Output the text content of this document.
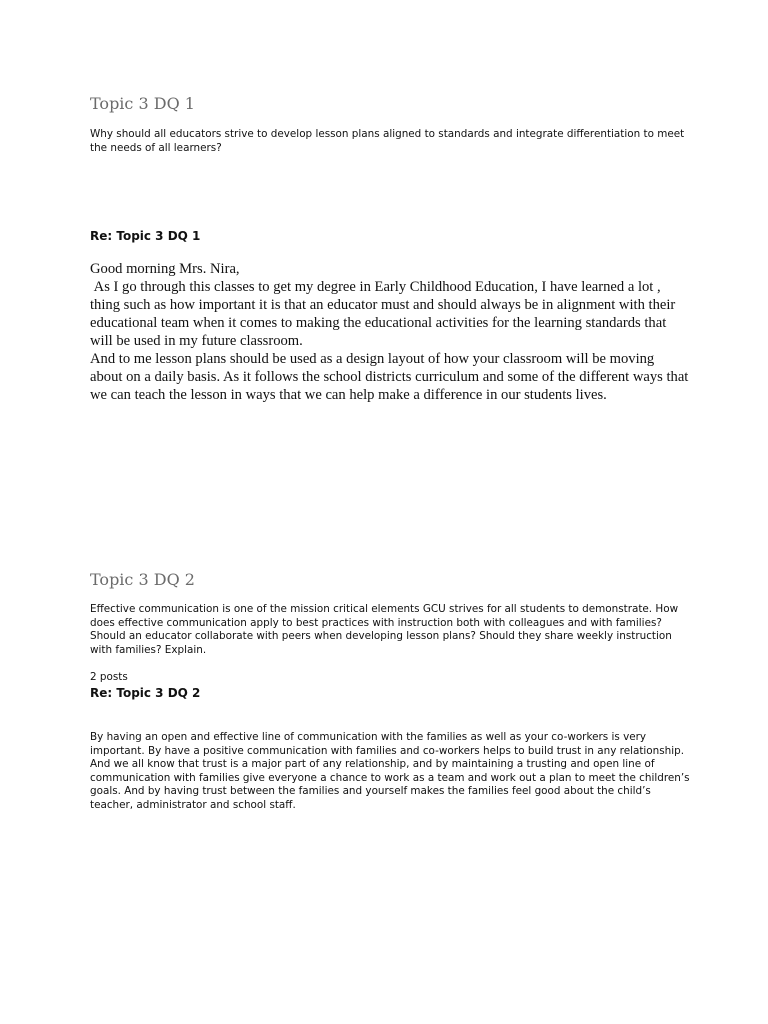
Topic 3 DQ 1

Why should all educators strive to develop lesson plans aligned to standards and integrate differentiation to meet the needs of all learners?

Re: Topic 3 DQ 1

Good morning Mrs. Nira,

As I go through this classes to get my degree in Early Childhood Education, I have learned a lot , thing such as how important it is that an educator must and should always be in alignment with their educational team when it comes to making the educational activities for the learning standards that will be used in my future classroom.

And to me lesson plans should be used as a design layout of how your classroom will be moving about on a daily basis. As it follows the school districts curriculum and some of the different ways that we can teach the lesson in ways that we can help make a difference in our students lives.

Topic 3 DQ 2

Effective communication is one of the mission critical elements GCU strives for all students to demonstrate. How does effective communication apply to best practices with instruction both with colleagues and with families? Should an educator collaborate with peers when developing lesson plans? Should they share weekly instruction with families? Explain.

2 posts

Re: Topic 3 DQ 2

By having an open and effective line of communication with the families as well as your co-workers is very important. By have a positive communication with families and co-workers helps to build trust in any relationship. And we all know that trust is a major part of any relationship, and by maintaining a trusting and open line of communication with families give everyone a chance to work as a team and work out a plan to meet the children’s goals. And by having trust between the families and yourself makes the families feel good about the child’s teacher, administrator and school staff.
